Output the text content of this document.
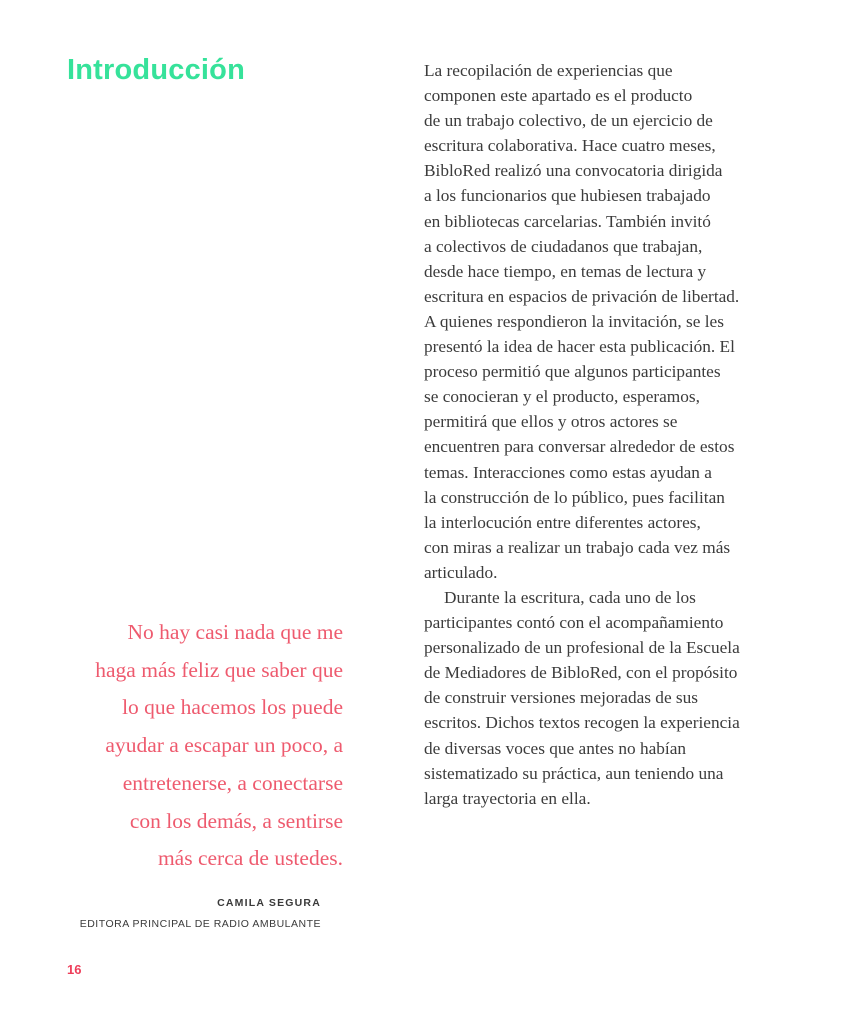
Introducción	La recopilación de experiencias que
componen este apartado es el producto
de un trabajo colectivo, de un ejercicio de
escritura colaborativa. Hace cuatro meses,
BibloRed realizó una convocatoria dirigida
a los funcionarios que hubiesen trabajado
en bibliotecas carcelarias. También invitó
a colectivos de ciudadanos que trabajan,
desde hace tiempo, en temas de lectura y
escritura en espacios de privación de libertad.
A quienes respondieron la invitación, se les
presentó la idea de hacer esta publicación. El
proceso permitió que algunos participantes
se conocieran y el producto, esperamos,
permitirá que ellos y otros actores se
encuentren para conversar alrededor de estos
temas. Interacciones como estas ayudan a
la construcción de lo público, pues facilitan
la interlocución entre diferentes actores,
con miras a realizar un trabajo cada vez más
articulado.
Durante la escritura, cada uno de los
participantes contó con el acompañamiento
personalizado de un profesional de la Escuela
de Mediadores de BibloRed, con el propósito
de construir versiones mejoradas de sus
escritos. Dichos textos recogen la experiencia
de diversas voces que antes no habían
sistematizado su práctica, aun teniendo una
larga trayectoria en ella.
No hay casi nada que me
haga más feliz que saber que
lo que hacemos los puede
ayudar a escapar un poco, a
entretenerse, a conectarse
con los demás, a sentirse
más cerca de ustedes.
CAMILA SEGURA
EDITORA PRINCIPAL DE RADIO AMBULANTE
16
